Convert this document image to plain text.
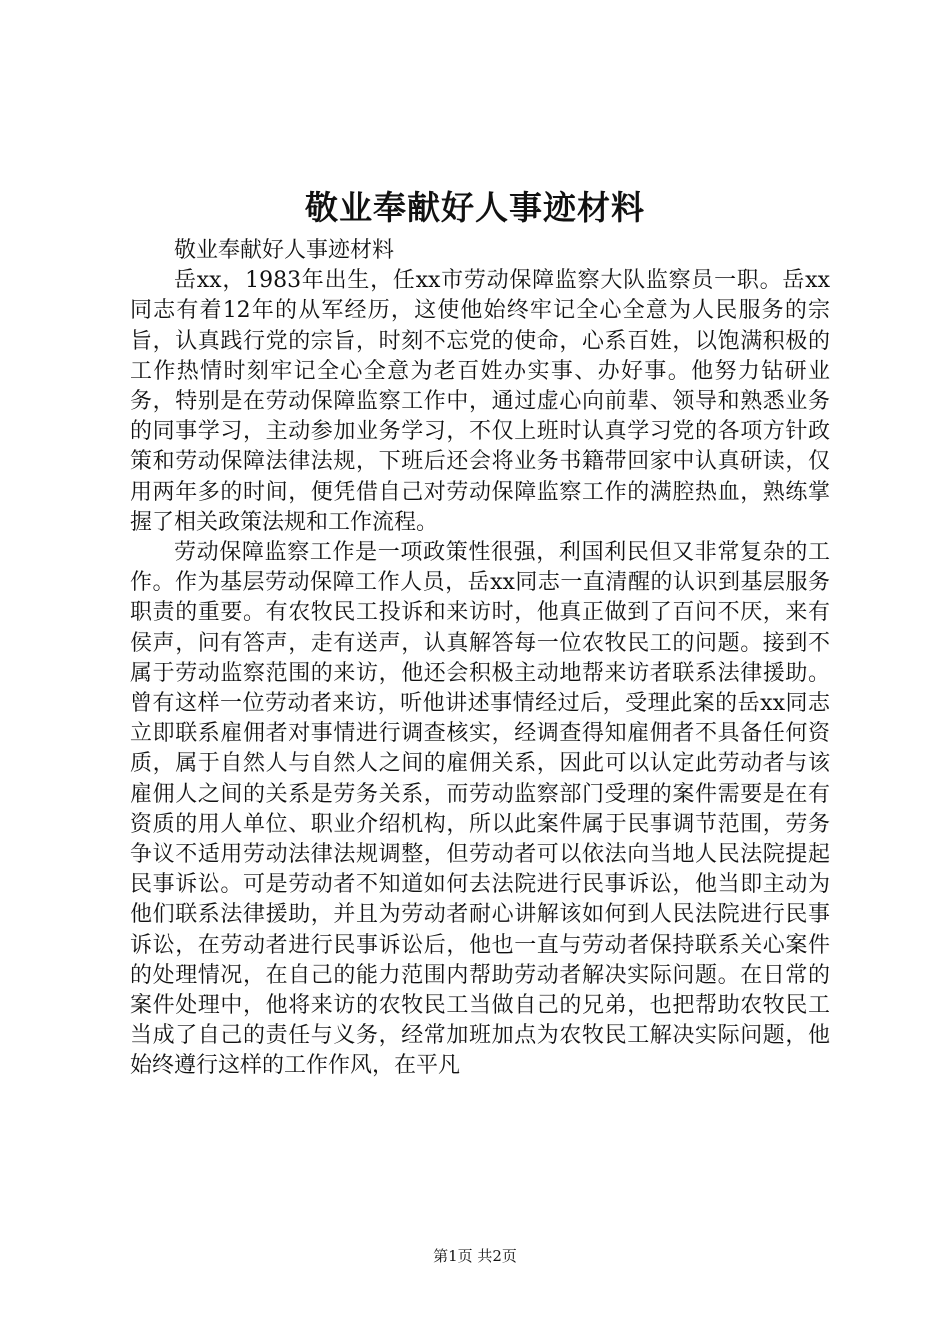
敬业奉献好人事迹材料

敬业奉献好人事迹材料

岳xx，1983年出生，任xx市劳动保障监察大队监察员一职。岳xx同志有着12年的从军经历，这使他始终牢记全心全意为人民服务的宗旨，认真践行党的宗旨，时刻不忘党的使命，心系百姓，以饱满积极的工作热情时刻牢记全心全意为老百姓办实事、办好事。他努力钻研业务，特别是在劳动保障监察工作中，通过虚心向前辈、领导和熟悉业务的同事学习，主动参加业务学习，不仅上班时认真学习党的各项方针政策和劳动保障法律法规，下班后还会将业务书籍带回家中认真研读，仅用两年多的时间，便凭借自己对劳动保障监察工作的满腔热血，熟练掌握了相关政策法规和工作流程。

劳动保障监察工作是一项政策性很强，利国利民但又非常复杂的工作。作为基层劳动保障工作人员，岳xx同志一直清醒的认识到基层服务职责的重要。有农牧民工投诉和来访时，他真正做到了百问不厌，来有侯声，问有答声，走有送声，认真解答每一位农牧民工的问题。接到不属于劳动监察范围的来访，他还会积极主动地帮来访者联系法律援助。曾有这样一位劳动者来访，听他讲述事情经过后，受理此案的岳xx同志立即联系雇佣者对事情进行调查核实，经调查得知雇佣者不具备任何资质，属于自然人与自然人之间的雇佣关系，因此可以认定此劳动者与该雇佣人之间的关系是劳务关系，而劳动监察部门受理的案件需要是在有资质的用人单位、职业介绍机构，所以此案件属于民事调节范围，劳务争议不适用劳动法律法规调整，但劳动者可以依法向当地人民法院提起民事诉讼。可是劳动者不知道如何去法院进行民事诉讼，他当即主动为他们联系法律援助，并且为劳动者耐心讲解该如何到人民法院进行民事诉讼，在劳动者进行民事诉讼后，他也一直与劳动者保持联系关心案件的处理情况，在自己的能力范围内帮助劳动者解决实际问题。在日常的案件处理中，他将来访的农牧民工当做自己的兄弟，也把帮助农牧民工当成了自己的责任与义务，经常加班加点为农牧民工解决实际问题，他始终遵行这样的工作作风，在平凡

第1页 共2页
